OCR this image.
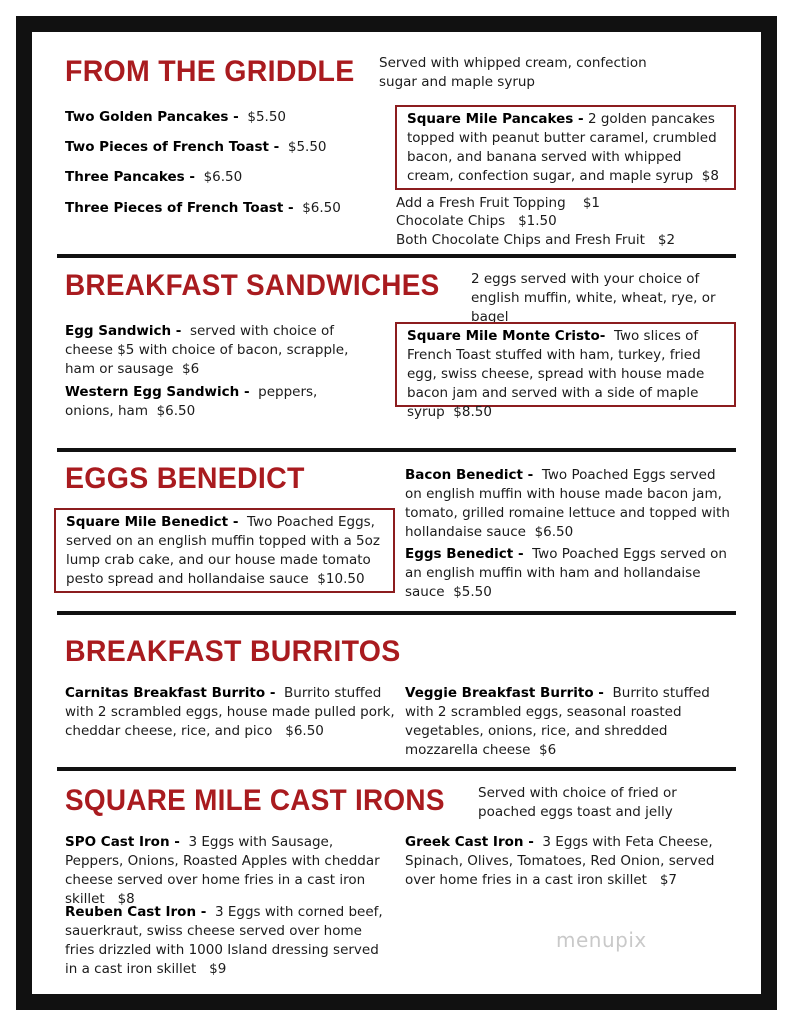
FROM THE GRIDDLE Served with whipped cream, confection sugar and maple syrup
Two Golden Pancakes - $5.50
Two Pieces of French Toast - $5.50
Three Pancakes - $6.50
Three Pieces of French Toast - $6.50
Square Mile Pancakes - 2 golden pancakes topped with peanut butter caramel, crumbled bacon, and banana served with whipped cream, confection sugar, and maple syrup $8
Add a Fresh Fruit Topping $1
Chocolate Chips $1.50
Both Chocolate Chips and Fresh Fruit $2
BREAKFAST SANDWICHES 2 eggs served with your choice of english muffin, white, wheat, rye, or bagel
Egg Sandwich - served with choice of cheese $5 with choice of bacon, scrapple, ham or sausage $6
Western Egg Sandwich - peppers, onions, ham $6.50
Square Mile Monte Cristo- Two slices of French Toast stuffed with ham, turkey, fried egg, swiss cheese, spread with house made bacon jam and served with a side of maple syrup $8.50
EGGS BENEDICT
Square Mile Benedict - Two Poached Eggs, served on an english muffin topped with a 5oz lump crab cake, and our house made tomato pesto spread and hollandaise sauce $10.50
Bacon Benedict - Two Poached Eggs served on english muffin with house made bacon jam, tomato, grilled romaine lettuce and topped with hollandaise sauce $6.50
Eggs Benedict - Two Poached Eggs served on an english muffin with ham and hollandaise sauce $5.50
BREAKFAST BURRITOS
Carnitas Breakfast Burrito - Burrito stuffed with 2 scrambled eggs, house made pulled pork, cheddar cheese, rice, and pico $6.50
Veggie Breakfast Burrito - Burrito stuffed with 2 scrambled eggs, seasonal roasted vegetables, onions, rice, and shredded mozzarella cheese $6
SQUARE MILE CAST IRONS Served with choice of fried or poached eggs toast and jelly
SPO Cast Iron - 3 Eggs with Sausage, Peppers, Onions, Roasted Apples with cheddar cheese served over home fries in a cast iron skillet $8
Greek Cast Iron - 3 Eggs with Feta Cheese, Spinach, Olives, Tomatoes, Red Onion, served over home fries in a cast iron skillet $7
Reuben Cast Iron - 3 Eggs with corned beef, sauerkraut, swiss cheese served over home fries drizzled with 1000 Island dressing served in a cast iron skillet $9
menupix
